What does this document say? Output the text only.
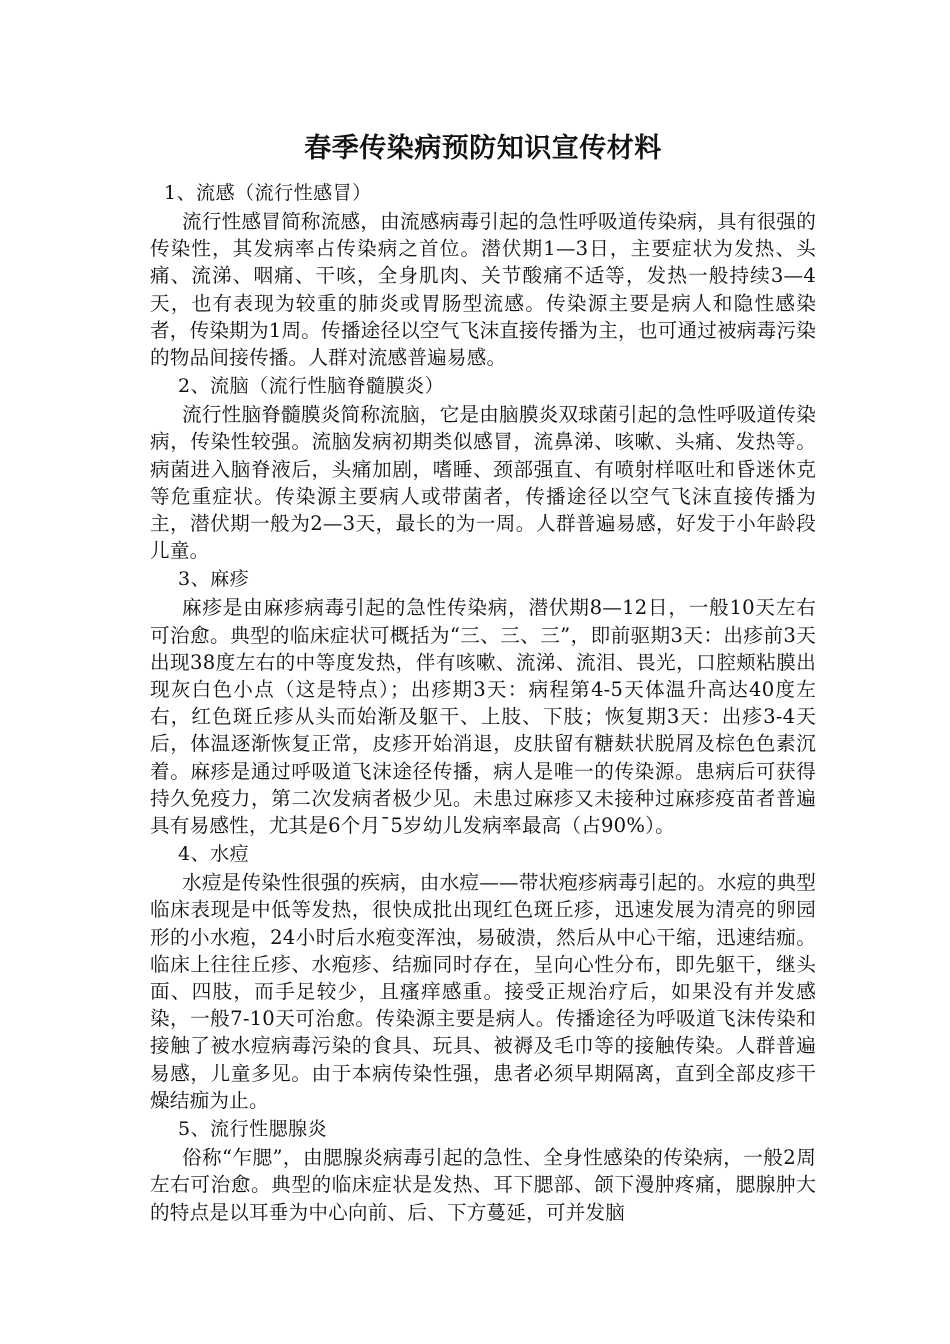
春季传染病预防知识宣传材料

1、流感（流行性感冒）

流行性感冒简称流感，由流感病毒引起的急性呼吸道传染病，具有很强的传染性，其发病率占传染病之首位。潜伏期1—3日，主要症状为发热、头痛、流涕、咽痛、干咳，全身肌肉、关节酸痛不适等，发热一般持续3—4天，也有表现为较重的肺炎或胃肠型流感。传染源主要是病人和隐性感染者，传染期为1周。传播途径以空气飞沫直接传播为主，也可通过被病毒污染的物品间接传播。人群对流感普遍易感。

2、流脑（流行性脑脊髓膜炎）

流行性脑脊髓膜炎简称流脑，它是由脑膜炎双球菌引起的急性呼吸道传染病，传染性较强。流脑发病初期类似感冒，流鼻涕、咳嗽、头痛、发热等。病菌进入脑脊液后，头痛加剧，嗜睡、颈部强直、有喷射样呕吐和昏迷休克等危重症状。传染源主要病人或带菌者，传播途径以空气飞沫直接传播为主，潜伏期一般为2—3天，最长的为一周。人群普遍易感，好发于小年龄段儿童。

3、麻疹

麻疹是由麻疹病毒引起的急性传染病，潜伏期8—12日，一般10天左右可治愈。典型的临床症状可概括为“三、三、三”，即前驱期3天：出疹前3天出现38度左右的中等度发热，伴有咳嗽、流涕、流泪、畏光，口腔颊粘膜出现灰白色小点（这是特点）；出疹期3天：病程第4-5天体温升高达40度左右，红色斑丘疹从头而始渐及躯干、上肢、下肢；恢复期3天：出疹3-4天后，体温逐渐恢复正常，皮疹开始消退，皮肤留有糖麸状脱屑及棕色色素沉着。麻疹是通过呼吸道飞沫途径传播，病人是唯一的传染源。患病后可获得持久免疫力，第二次发病者极少见。未患过麻疹又未接种过麻疹疫苗者普遍具有易感性，尤其是6个月¯5岁幼儿发病率最高（占90%）。

4、水痘

水痘是传染性很强的疾病，由水痘——带状疱疹病毒引起的。水痘的典型临床表现是中低等发热，很快成批出现红色斑丘疹，迅速发展为清亮的卵园形的小水疱，24小时后水疱变浑浊，易破溃，然后从中心干缩，迅速结痂。临床上往往丘疹、水疱疹、结痂同时存在，呈向心性分布，即先躯干，继头面、四肢，而手足较少，且瘙痒感重。接受正规治疗后，如果没有并发感染，一般7-10天可治愈。传染源主要是病人。传播途径为呼吸道飞沫传染和接触了被水痘病毒污染的食具、玩具、被褥及毛巾等的接触传染。人群普遍易感，儿童多见。由于本病传染性强，患者必须早期隔离，直到全部皮疹干燥结痂为止。

5、流行性腮腺炎

俗称“乍腮”，由腮腺炎病毒引起的急性、全身性感染的传染病，一般2周左右可治愈。典型的临床症状是发热、耳下腮部、颌下漫肿疼痛，腮腺肿大的特点是以耳垂为中心向前、后、下方蔓延，可并发脑
